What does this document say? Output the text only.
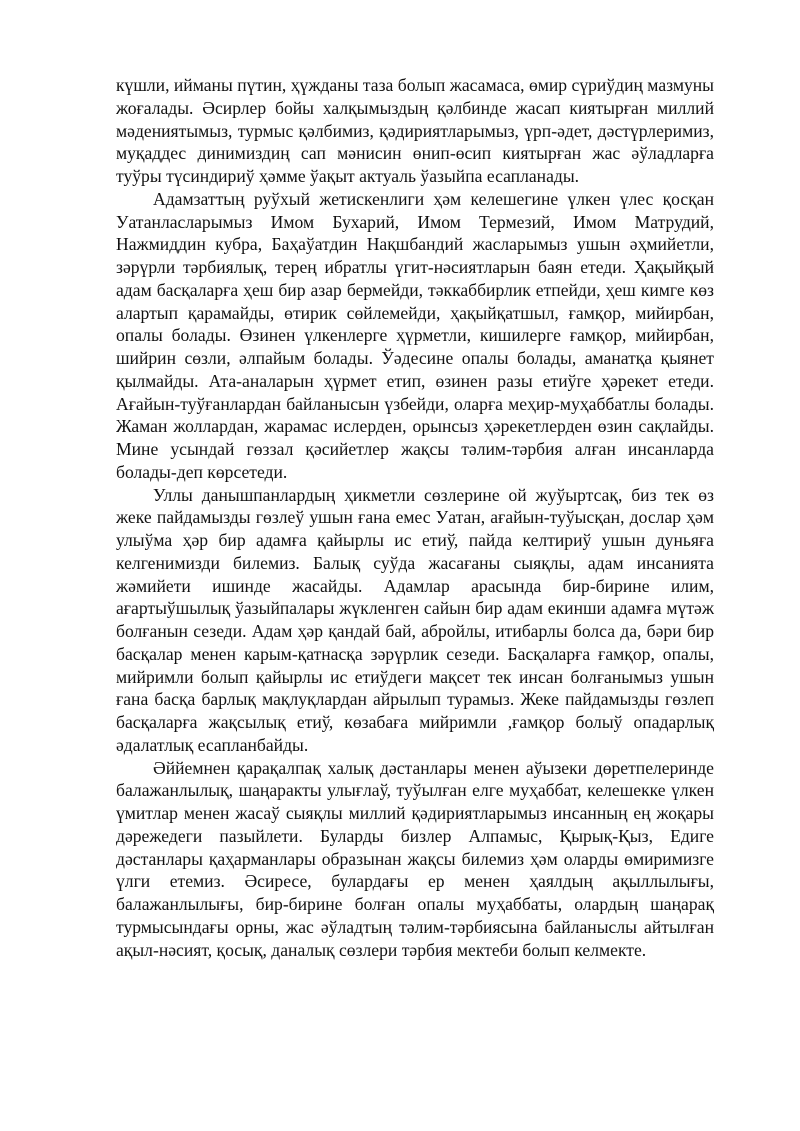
күшли, ийманы пүтин, ҳүжданы таза болып жасамаса, өмир сүриўдиң мазмуны жоғалады. Әсирлер бойы халқымыздың қәлбинде жасап киятырған миллий мәдениятымыз, турмыс қәлбимиз, қәдириятларымыз, үрп-әдет, дәстүрлеримиз, муқаддес динимиздиң сап мәнисин өнип-өсип киятырған жас әўладларға туўры түсиндириў ҳәмме ўақыт актуаль ўазыйпа есапланады.

Адамзаттың руўхый жетискенлиги ҳәм келешегине үлкен үлес қосқан Уатанласларымыз Имом Бухарий, Имом Термезий, Имом Матрудий, Нажмиддин кубра, Баҳаўатдин Нақшбандий жасларымыз ушын әҳмийетли, зәрүрли тәрбиялық, терең ибратлы үгит-нәсиятларын баян етеди. Ҳақыйқый адам басқаларға ҳеш бир азар бермейди, тәккаббирлик етпейди, ҳеш кимге көз алартып қарамайды, өтирик сөйлемейди, ҳақыйқатшыл, ғамқор, мийирбан, опалы болады. Өзинен үлкенлерге ҳүрметли, кишилерге ғамқор, мийирбан, шийрин сөзли, әлпайым болады. Ўәдесине опалы болады, аманатқа қыянет қылмайды. Ата-аналарын ҳүрмет етип, өзинен разы етиўге ҳәрекет етеди. Ағайын-туўғанлардан байланысын үзбейди, оларға меҳир-муҳаббатлы болады. Жаман жоллардан, жарамас ислерден, орынсыз ҳәрекетлерден өзин сақлайды. Мине усындай гөззал қәсийетлер жақсы тәлим-тәрбия алған инсанларда болады-деп көрсетеди.

Уллы данышпанлардың ҳикметли сөзлерине ой жуўыртсақ, биз тек өз жеке пайдамызды гөзлеў ушын ғана емес Уатан, ағайын-туўысқан, дослар ҳәм улыўма ҳәр бир адамға қайырлы ис етиў, пайда келтириў ушын дуньяға келгенимизди билемиз. Балық суўда жасағаны сыяқлы, адам инсанията жәмийети ишинде жасайды. Адамлар арасында бир-бирине илим, ағартыўшылық ўазыйпалары жүкленген сайын бир адам екинши адамға мүтәж болғанын сезеди. Адам ҳәр қандай бай, абройлы, итибарлы болса да, бәри бир басқалар менен карым-қатнасқа зәрүрлик сезеди. Басқаларға ғамқор, опалы, мийримли болып қайырлы ис етиўдеги мақсет тек инсан болғанымыз ушын ғана басқа барлық мақлуқлардан айрылып турамыз. Жеке пайдамызды гөзлеп басқаларға жақсылық етиў, көзабаға мийримли ,ғамқор болыў опадарлық әдалатлық есапланбайды.

Әййемнен қарақалпақ халық дәстанлары менен аўызеки дөретпелеринде балажанлылық, шаңаракты улығлаў, туўылған елге муҳаббат, келешекке үлкен үмитлар менен жасаў сыяқлы миллий қәдириятларымыз инсанның ең жоқары дәрежедеги пазыйлети. Буларды бизлер Алпамыс, Қырық-Қыз, Едиге дәстанлары қаҳарманлары образынан жақсы билемиз ҳәм оларды өмиримизге үлги етемиз. Әсиресе, булардағы ер менен ҳаялдың ақыллылығы, балажанлылығы, бир-бирине болған опалы муҳаббаты, олардың шаңарақ турмысындағы орны, жас әўладтың тәлим-тәрбиясына байланыслы айтылған ақыл-нәсият, қосық, даналық сөзлери тәрбия мектеби болып келмекте.
